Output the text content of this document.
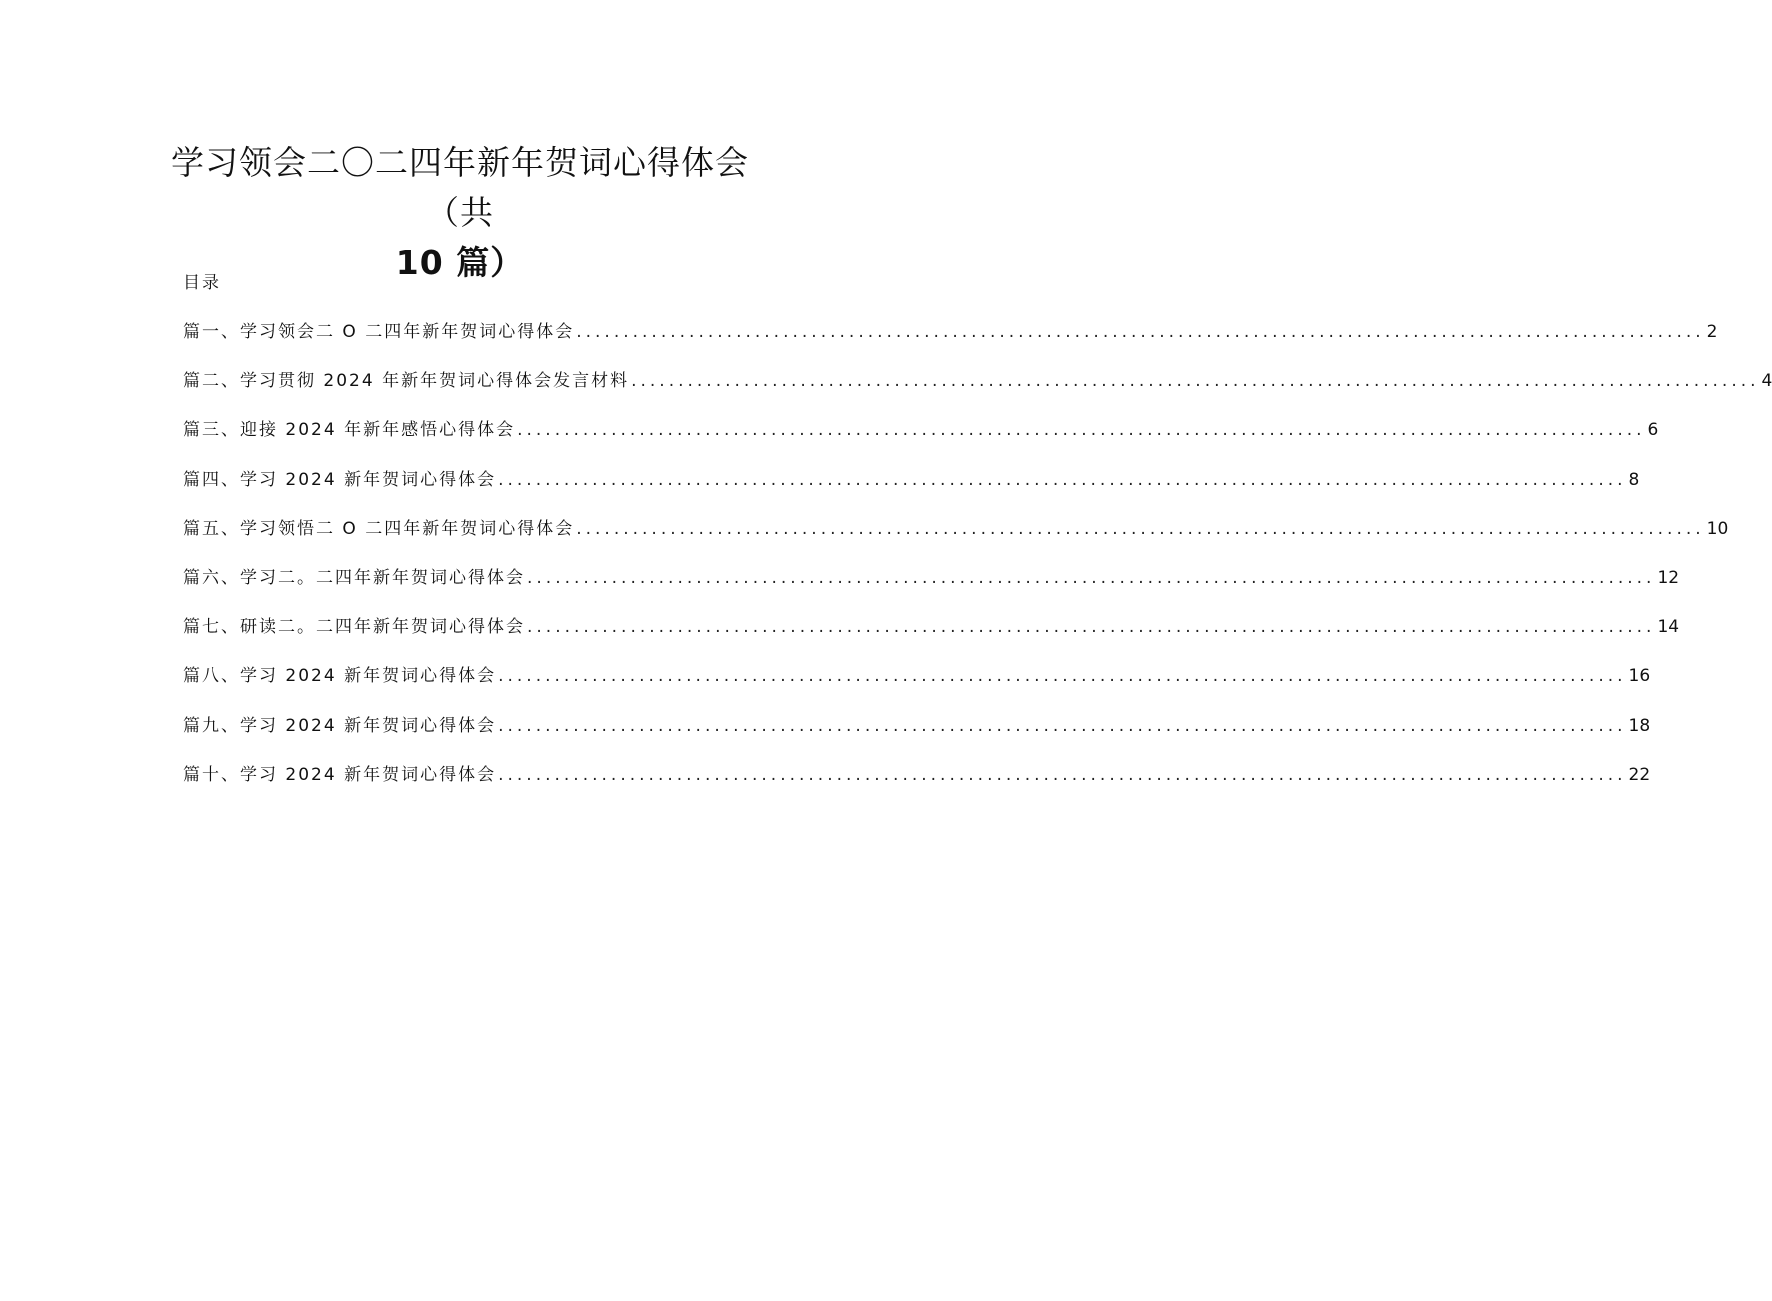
学习领会二〇二四年新年贺词心得体会（共
10 篇）
目录
篇一、学习领会二 O 二四年新年贺词心得体会 ........................................................................................................................ 2
篇二、学习贯彻 2024 年新年贺词心得体会发言材料 ........................................................................................................................ 4
篇三、迎接 2024 年新年感悟心得体会 ........................................................................................................................ 6
篇四、学习 2024 新年贺词心得体会 ........................................................................................................................ 8
篇五、学习领悟二 O 二四年新年贺词心得体会 ........................................................................................................................ 10
篇六、学习二。二四年新年贺词心得体会 ........................................................................................................................ 12
篇七、研读二。二四年新年贺词心得体会 ........................................................................................................................ 14
篇八、学习 2024 新年贺词心得体会 ........................................................................................................................ 16
篇九、学习 2024 新年贺词心得体会 ........................................................................................................................ 18
篇十、学习 2024 新年贺词心得体会 ........................................................................................................................ 22
